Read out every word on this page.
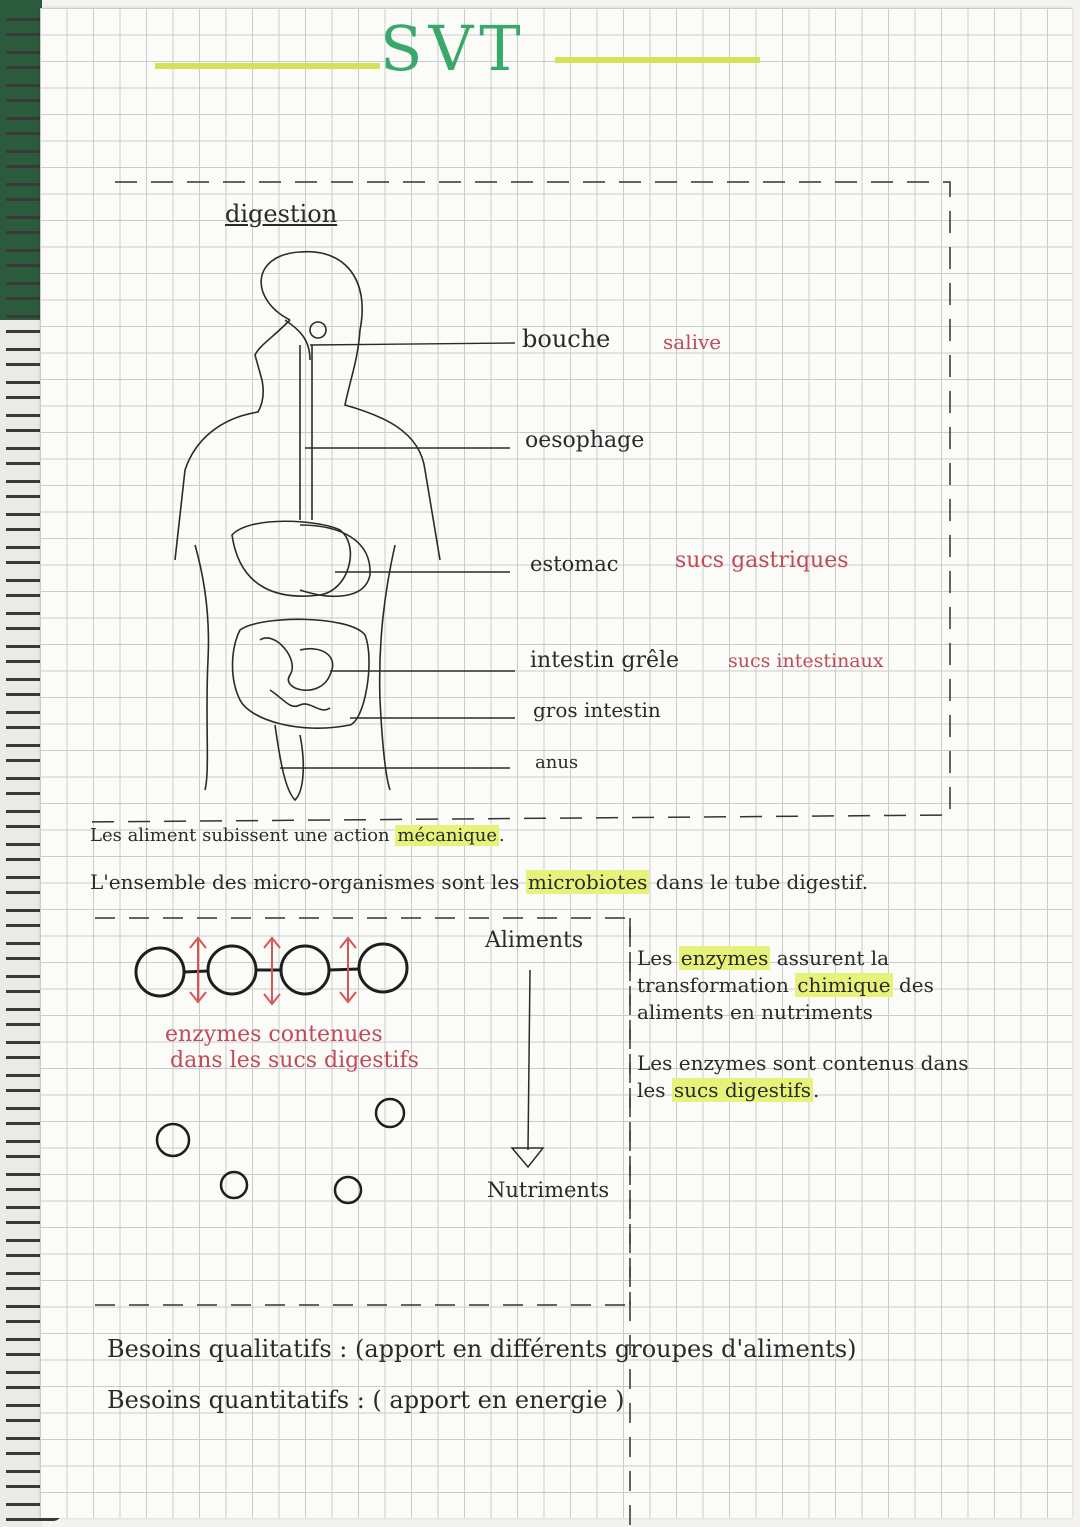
SVT
digestion
bouche	salive
oesophage
estomac	sucs gastriques
intestin grêle	sucs intestinaux
gros intestin
anus
Les aliment subissent une action mécanique .
L'ensemble des micro-organismes sont les microbiotes dans le tube digestif.
enzymes contenues
dans les sucs digestifs
Aliments
Nutriments
Les enzymes assurent la
transformation chimique des
aliments en nutriments
Les enzymes sont contenus dans
les sucs digestifs .
Besoins qualitatifs : (apport en différents groupes d'aliments)
Besoins quantitatifs : ( apport en energie )
